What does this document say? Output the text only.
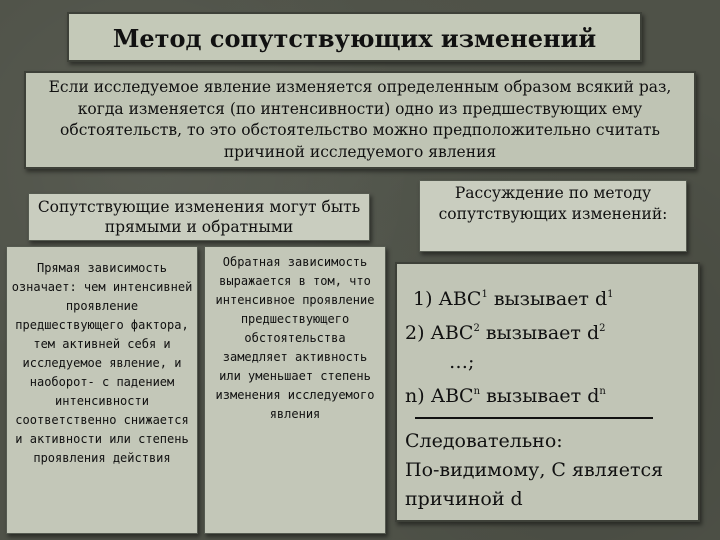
Метод сопутствующих изменений
Если исследуемое явление изменяется определенным образом всякий раз, когда изменяется (по интенсивности) одно из предшествующих ему обстоятельств, то это обстоятельство можно предположительно считать причиной исследуемого явления
Сопутствующие изменения могут быть прямыми и обратными
Рассуждение по методу сопутствующих изменений:
Прямая зависимость означает: чем интенсивней проявление предшествующего фактора, тем активней себя и исследуемое явление, и наоборот- с падением интенсивности соответственно снижается и активности или степень проявления действия
Обратная зависимость выражается в том, что интенсивное проявление предшествующего обстоятельства замедляет активность или уменьшает степень изменения исследуемого явления
1) АВС$^1$ вызывает $d^1$
2) АВС$^2$ вызывает $d^2$
…;
n) АВС$^n$ вызывает $d^n$
Следовательно:
По-видимому, С является
причиной d
